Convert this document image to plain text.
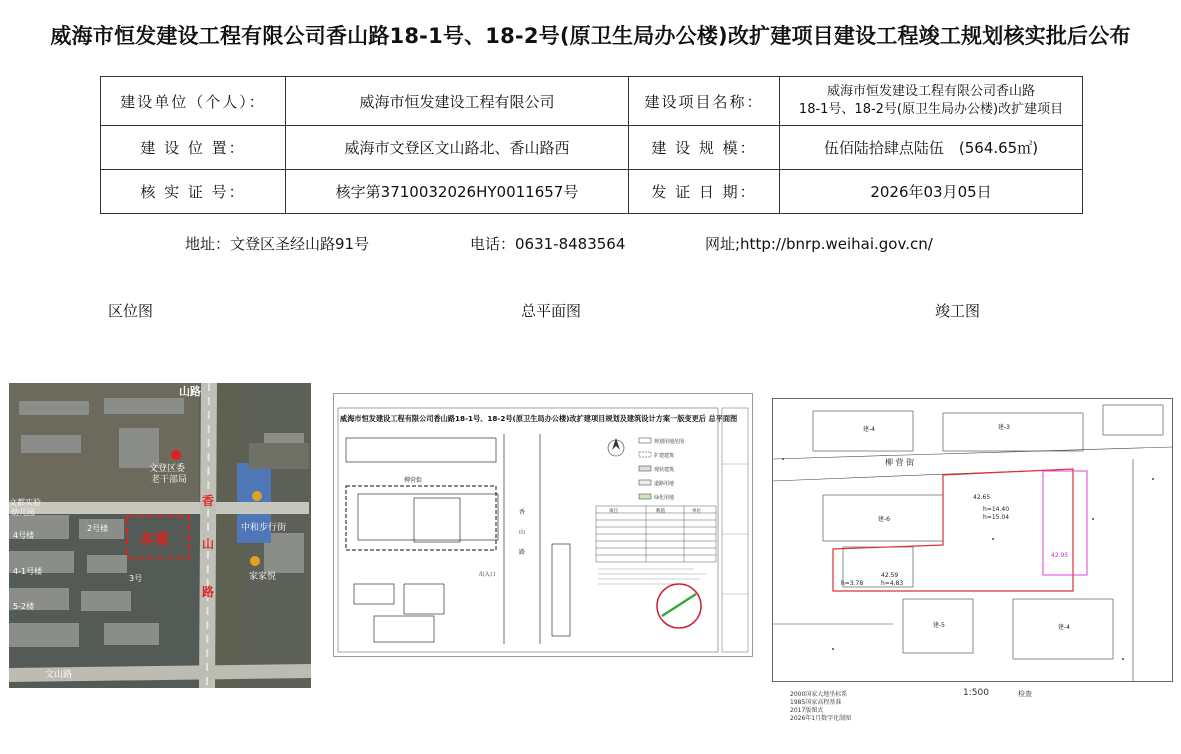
威海市恒发建设工程有限公司香山路18-1号、18-2号(原卫生局办公楼)改扩建项目建设工程竣工规划核实批后公布
建设单位（个人）：	威海市恒发建设工程有限公司	建设项目名称：	威海市恒发建设工程有限公司香山路
18-1号、18-2号(原卫生局办公楼)改扩建项目

建 设 位 置：	威海市文登区文山路北、香山路西	建 设 规 模：	伍佰陆拾肆点陆伍　(564.65㎡)
核 实 证 号：	核字第3710032026HY0011657号	发 证 日 期：	2026年03月05日
地址：文登区圣经山路91号	电话：0631-8483564	网址;http://bnrp.weihai.gov.cn/
区位图	总平面图	竣工图
本案
山路
香
山
路
文登区委
老干部局
中和步行街
家家悦
文都实验
幼儿园
2号楼
4号楼
4-1号楼
5-2楼
3号
文山路
威海市恒发建设工程有限公司香山路18-1号、18-2号(原卫生局办公楼)改扩建项目规划及建筑设计方案一版变更后 总平面图
柳营街
香
山
路
出入口
规划用地范围
扩建建筑
现状建筑
道路用地
绿化用地
项目	数值	单位
柳 营 街
建-4	建-3
建-6
建-5	建-4
42.65
42.59
42.95
h=14.40
h=15.04
h=4.83
h=3.78
2000国家大地坐标系
1985国家高程基准
2017版图式
2026年1月数字化制图
1:500	检查
